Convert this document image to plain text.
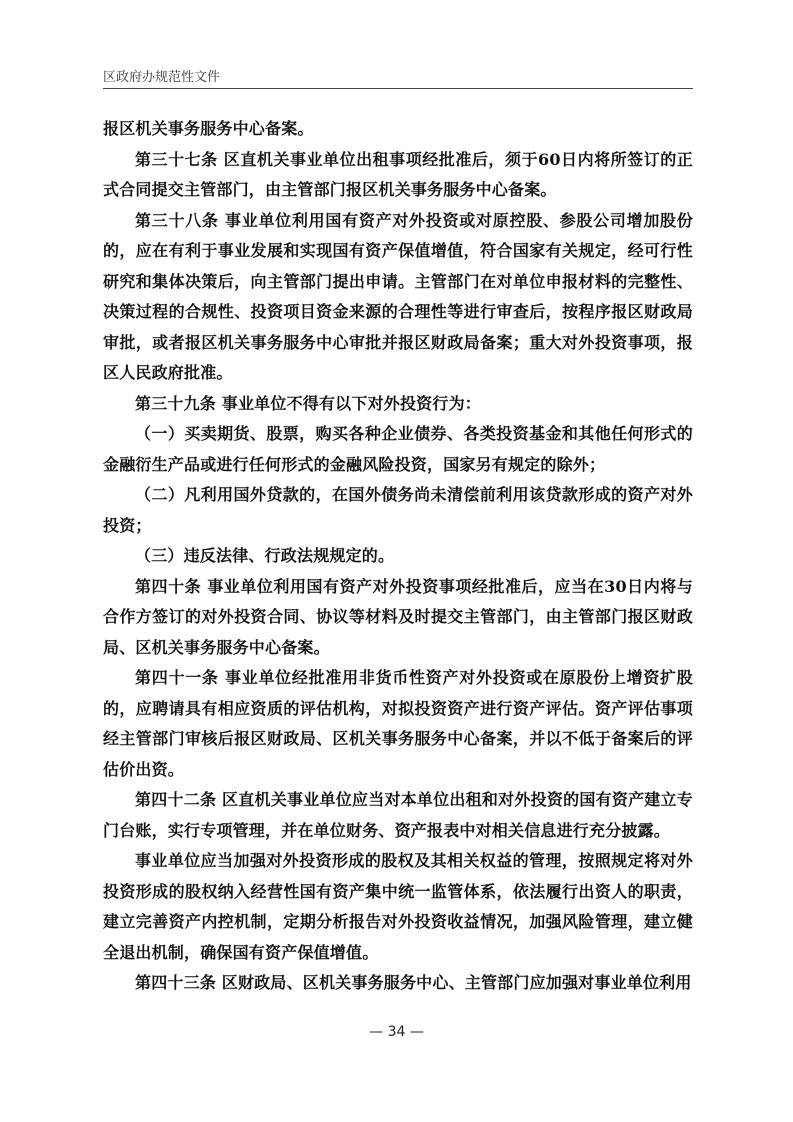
区政府办规范性文件

报区机关事务服务中心备案。

第三十七条 区直机关事业单位出租事项经批准后，须于60日内将所签订的正式合同提交主管部门，由主管部门报区机关事务服务中心备案。

第三十八条 事业单位利用国有资产对外投资或对原控股、参股公司增加股份的，应在有利于事业发展和实现国有资产保值增值，符合国家有关规定，经可行性研究和集体决策后，向主管部门提出申请。主管部门在对单位申报材料的完整性、决策过程的合规性、投资项目资金来源的合理性等进行审查后，按程序报区财政局审批，或者报区机关事务服务中心审批并报区财政局备案；重大对外投资事项，报区人民政府批准。

第三十九条 事业单位不得有以下对外投资行为：

（一）买卖期货、股票，购买各种企业债券、各类投资基金和其他任何形式的金融衍生产品或进行任何形式的金融风险投资，国家另有规定的除外；

（二）凡利用国外贷款的，在国外债务尚未清偿前利用该贷款形成的资产对外投资；

（三）违反法律、行政法规规定的。

第四十条 事业单位利用国有资产对外投资事项经批准后，应当在30日内将与合作方签订的对外投资合同、协议等材料及时提交主管部门，由主管部门报区财政局、区机关事务服务中心备案。

第四十一条 事业单位经批准用非货币性资产对外投资或在原股份上增资扩股的，应聘请具有相应资质的评估机构，对拟投资资产进行资产评估。资产评估事项经主管部门审核后报区财政局、区机关事务服务中心备案，并以不低于备案后的评估价出资。

第四十二条 区直机关事业单位应当对本单位出租和对外投资的国有资产建立专门台账，实行专项管理，并在单位财务、资产报表中对相关信息进行充分披露。

事业单位应当加强对外投资形成的股权及其相关权益的管理，按照规定将对外投资形成的股权纳入经营性国有资产集中统一监管体系，依法履行出资人的职责，建立完善资产内控机制，定期分析报告对外投资收益情况，加强风险管理，建立健全退出机制，确保国有资产保值增值。

第四十三条 区财政局、区机关事务服务中心、主管部门应加强对事业单位利用

— 34 —
